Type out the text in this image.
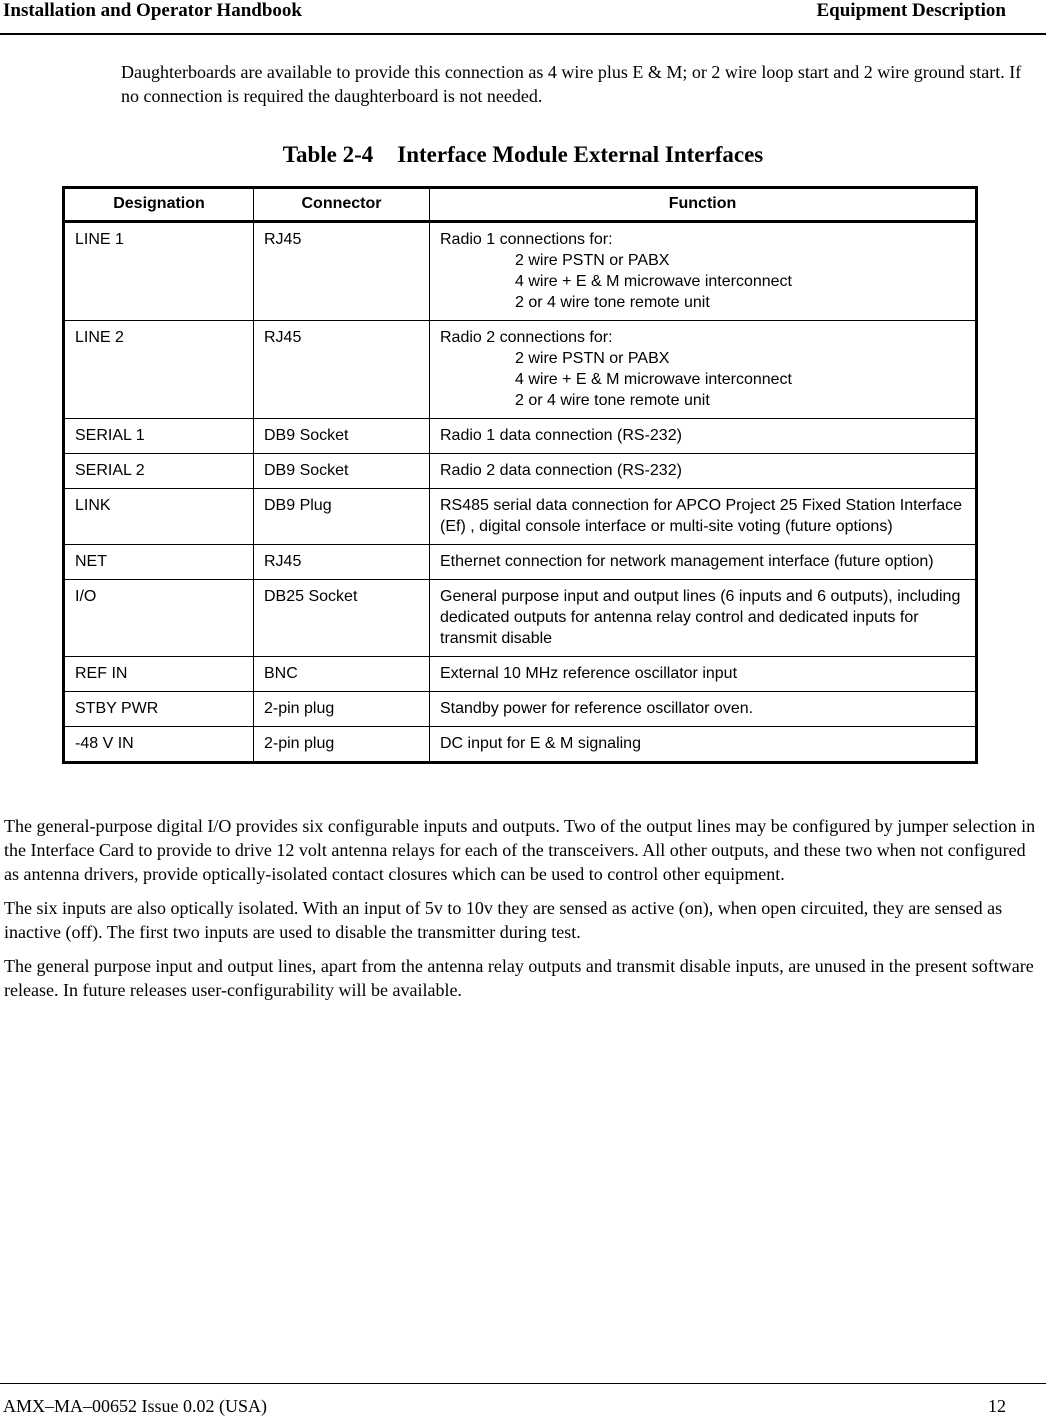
Installation and Operator Handbook	Equipment Description
Daughterboards are available to provide this connection as 4 wire plus E & M; or 2 wire loop start and 2 wire ground start. If no connection is required the daughterboard is not needed.
Table 2-4 Interface Module External Interfaces
Designation	Connector	Function
LINE 1	RJ45	Radio 1 connections for:
2 wire PSTN or PABX
4 wire + E & M microwave interconnect
2 or 4 wire tone remote unit

LINE 2	RJ45	Radio 2 connections for:
2 wire PSTN or PABX
4 wire + E & M microwave interconnect
2 or 4 wire tone remote unit

SERIAL 1	DB9 Socket	Radio 1 data connection (RS-232)

SERIAL 2	DB9 Socket	Radio 2 data connection (RS-232)

LINK	DB9 Plug	RS485 serial data connection for APCO Project 25 Fixed Station Interface (Ef) , digital console interface or multi-site voting (future options)

NET	RJ45	Ethernet connection for network management interface (future option)

I/O	DB25 Socket	General purpose input and output lines (6 inputs and 6 outputs), including dedicated outputs for antenna relay control and dedicated inputs for transmit disable

REF IN	BNC	External 10 MHz reference oscillator input

STBY PWR	2-pin plug	Standby power for reference oscillator oven.

-48 V IN	2-pin plug	DC input for E & M signaling

The general-purpose digital I/O provides six configurable inputs and outputs. Two of the output lines may be configured by jumper selection in the Interface Card to provide to drive 12 volt antenna relays for each of the transceivers. All other outputs, and these two when not configured as antenna drivers, provide optically-isolated contact closures which can be used to control other equipment.

The six inputs are also optically isolated. With an input of 5v to 10v they are sensed as active (on), when open circuited, they are sensed as inactive (off). The first two inputs are used to disable the transmitter during test.

The general purpose input and output lines, apart from the antenna relay outputs and transmit disable inputs, are unused in the present software release. In future releases user-configurability will be available.

AMX–MA–00652 Issue 0.02 (USA)	12
